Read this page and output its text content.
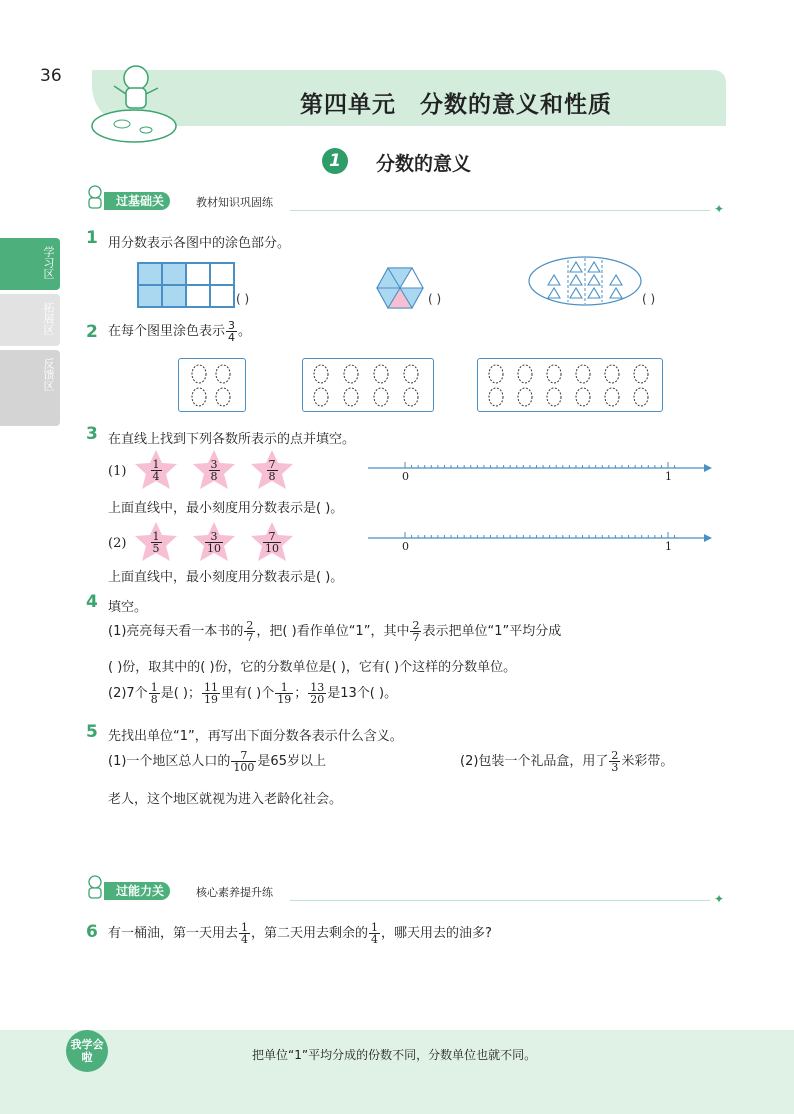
36
第四单元　分数的意义和性质
1	分数的意义
过基础关	教材知识巩固练	✦
学习区
拓展区
反馈区
1 用分数表示各图中的涂色部分。
( )	( )	( )
2 在每个图里涂色表示 $\frac{3}{4}$ 。
3 在直线上找到下列各数所表示的点并填空。
$(1) \frac{1}{4} \frac{3}{8} \frac{7}{8}$	0	1
上面直线中，最小刻度用分数表示是( )。
$(2) \frac{1}{5} \frac{3}{10} \frac{7}{10}$	0	1
上面直线中，最小刻度用分数表示是( )。
4 填空。
(1)亮亮每天看一本书的 $\frac{2}{7}$ ，把( )看作单位“1”，其中 $\frac{2}{7}$ 表示把单位“1”平均分成
( )份，取其中的( )份，它的分数单位是( )，它有( )个这样的分数单位。
(2)7个 $\frac{1}{8}$ 是( )； $\frac{11}{19}$ 里有( )个 $\frac{1}{19}$ ； $\frac{13}{20}$ 是13个( )。
5 先找出单位“1”，再写出下面分数各表示什么含义。
(1)一个地区总人口的 $\frac{7}{100}$ 是65岁以上
老人，这个地区就视为进入老龄化社会。
(2)包装一个礼品盒，用了 $\frac{2}{3}$ 米彩带。
过能力关	核心素养提升练	✦
6 有一桶油，第一天用去 $\frac{1}{4}$ ，第二天用去剩余的 $\frac{1}{4}$ ，哪天用去的油多?
我学会啦	把单位“1”平均分成的份数不同，分数单位也就不同。
